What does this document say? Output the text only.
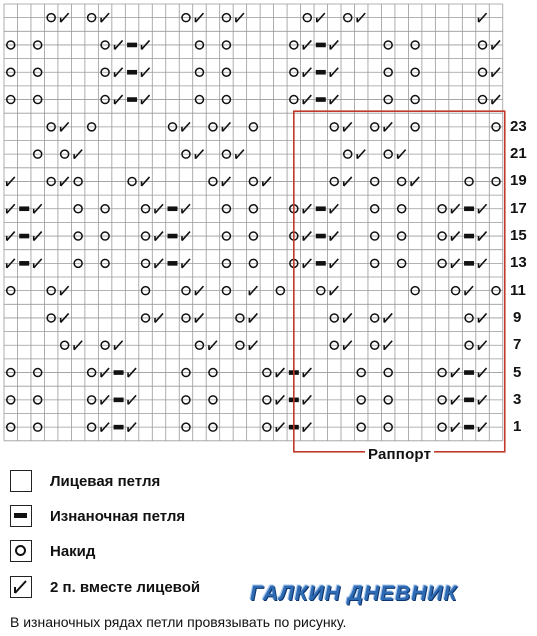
23
21
19
17
15
13
11
9
7
5
3
1
Раппорт
Лицевая петля
Изнаночная петля
Накид
2 п. вместе лицевой ГАЛКИН ДНЕВНИК
В изнаночных рядах петли провязывать по рисунку.
